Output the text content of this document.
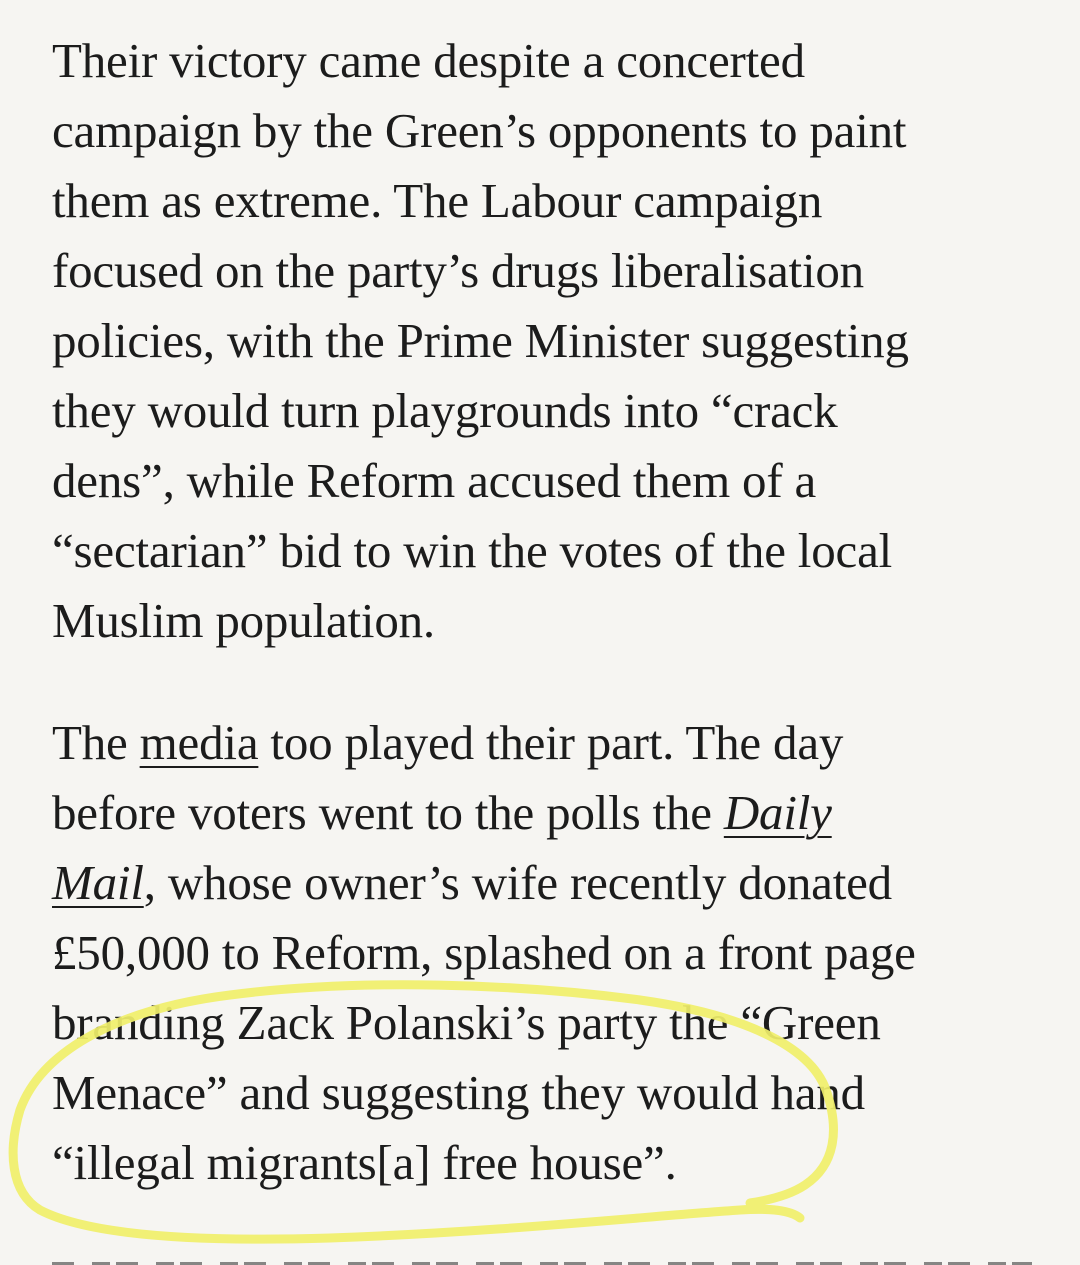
Their victory came despite a concerted
campaign by the Green’s opponents to paint
them as extreme. The Labour campaign
focused on the party’s drugs liberalisation
policies, with the Prime Minister suggesting
they would turn playgrounds into “crack
dens”, while Reform accused them of a
“sectarian” bid to win the votes of the local
Muslim population.
The media too played their part. The day
before voters went to the polls the Daily
Mail, whose owner’s wife recently donated
£50,000 to Reform, splashed on a front page
branding Zack Polanski’s party the “Green
Menace” and suggesting they would hand
“illegal migrants[a] free house”.
